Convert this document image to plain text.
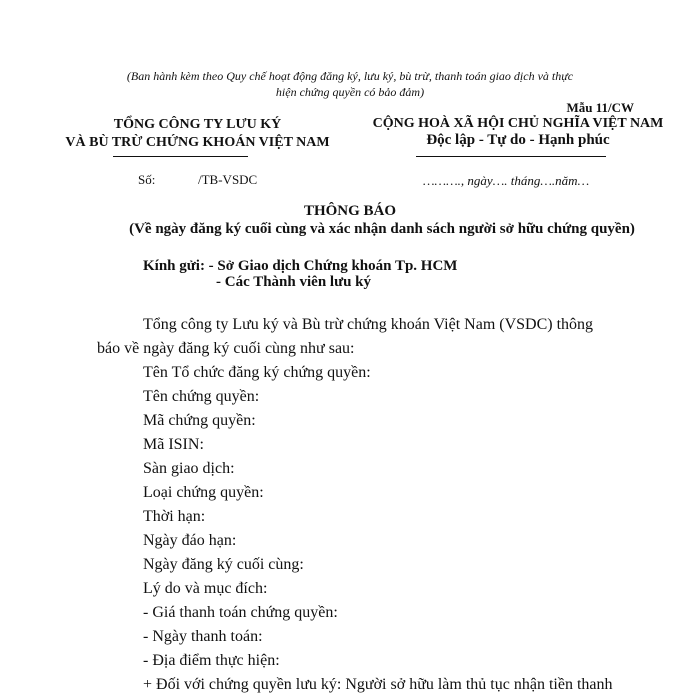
(Ban hành kèm theo Quy chế hoạt động đăng ký, lưu ký, bù trừ, thanh toán giao dịch và thực
hiện chứng quyền có bảo đảm)
Mẫu 11/CW
TỔNG CÔNG TY LƯU KÝ
VÀ BÙ TRỪ CHỨNG KHOÁN VIỆT NAM
CỘNG HOÀ XÃ HỘI CHỦ NGHĨA VIỆT NAM
Độc lập - Tự do - Hạnh phúc
Số:	/TB-VSDC	………., ngày…. tháng….năm…
THÔNG BÁO
(Về ngày đăng ký cuối cùng và xác nhận danh sách người sở hữu chứng quyền)
Kính gửi: - Sở Giao dịch Chứng khoán Tp. HCM
- Các Thành viên lưu ký
Tổng công ty Lưu ký và Bù trừ chứng khoán Việt Nam (VSDC) thông
báo về ngày đăng ký cuối cùng như sau:
Tên Tổ chức đăng ký chứng quyền:
Tên chứng quyền:
Mã chứng quyền:
Mã ISIN:
Sàn giao dịch:
Loại chứng quyền:
Thời hạn:
Ngày đáo hạn:
Ngày đăng ký cuối cùng:
Lý do và mục đích:
- Giá thanh toán chứng quyền:
- Ngày thanh toán:
- Địa điểm thực hiện:
+ Đối với chứng quyền lưu ký: Người sở hữu làm thủ tục nhận tiền thanh
